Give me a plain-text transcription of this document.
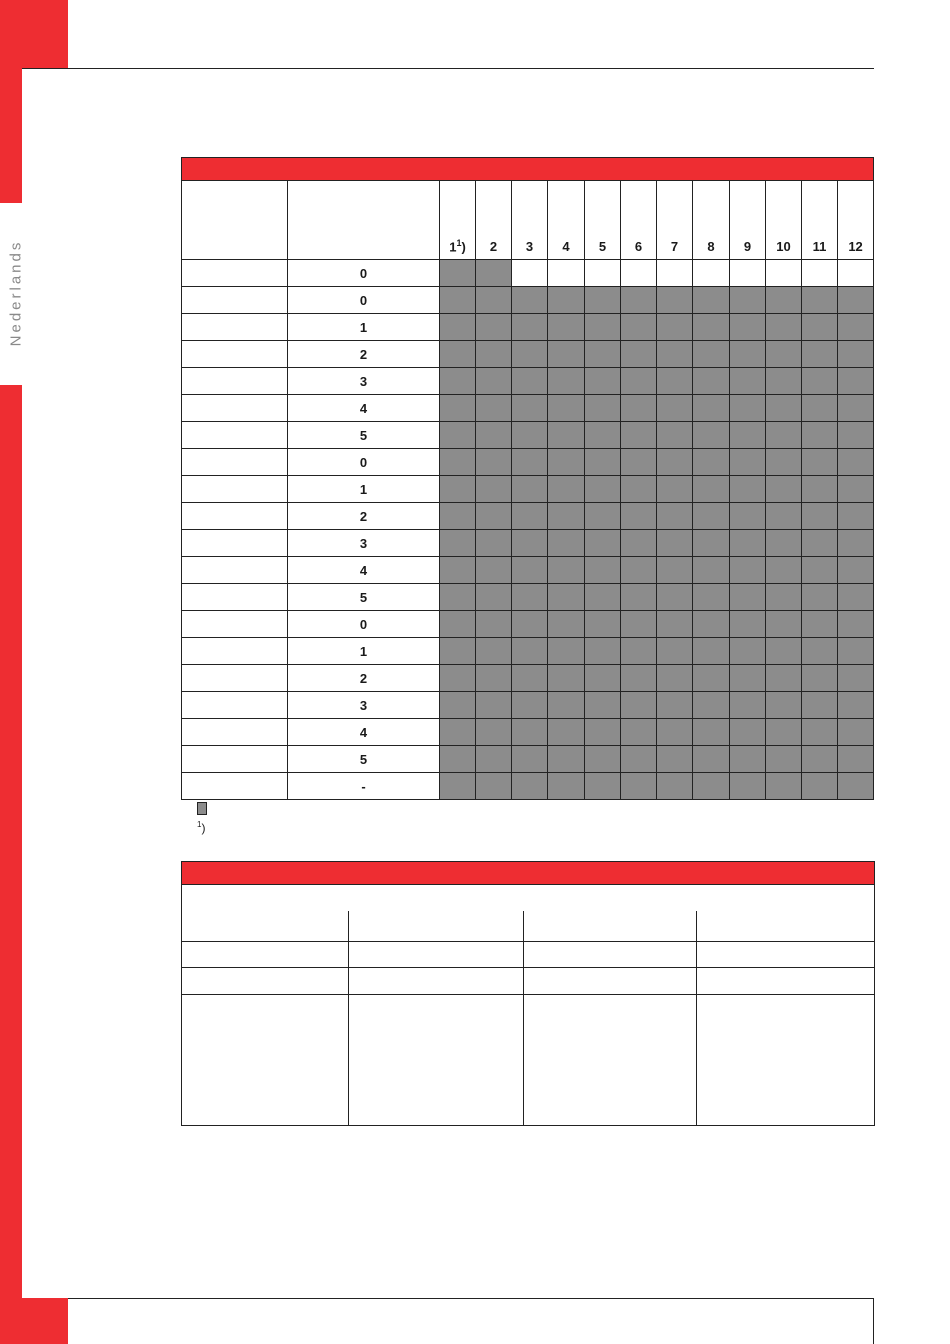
Nederlands

			$1^1$)	2	3	4	5	6	7	8	9	10	11	12
	0												
	0												
	1												
	2												
	3												
	4												
	5												
	0												
	1												
	2												
	3												
	4												
	5												
	0												
	1												
	2												
	3												
	4												
	5												
	-												
$^1$)
